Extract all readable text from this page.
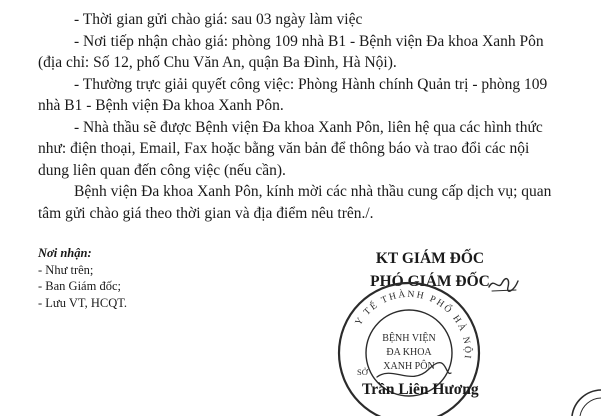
- Thời gian gửi chào giá: sau 03 ngày làm việc

- Nơi tiếp nhận chào giá: phòng 109 nhà B1 - Bệnh viện Đa khoa Xanh Pôn
(địa chỉ: Số 12, phố Chu Văn An, quận Ba Đình, Hà Nội).

- Thường trực giải quyết công việc: Phòng Hành chính Quản trị - phòng 109
nhà B1 - Bệnh viện Đa khoa Xanh Pôn.

- Nhà thầu sẽ được Bệnh viện Đa khoa Xanh Pôn, liên hệ qua các hình thức
như: điện thoại, Email, Fax hoặc bằng văn bản để thông báo và trao đổi các nội
dung liên quan đến công việc (nếu cần).

Bệnh viện Đa khoa Xanh Pôn, kính mời các nhà thầu cung cấp dịch vụ; quan
tâm gửi chào giá theo thời gian và địa điểm nêu trên./.

Nơi nhận:
- Như trên;
- Ban Giám đốc;
- Lưu VT, HCQT.
KT GIÁM ĐỐC
PHÓ GIÁM ĐỐC
Y TẾ THÀNH PHỐ HÀ NỘI
SỞ
BỆNH VIỆN
ĐA KHOA
XANH PÔN
Trần Liên Hương
